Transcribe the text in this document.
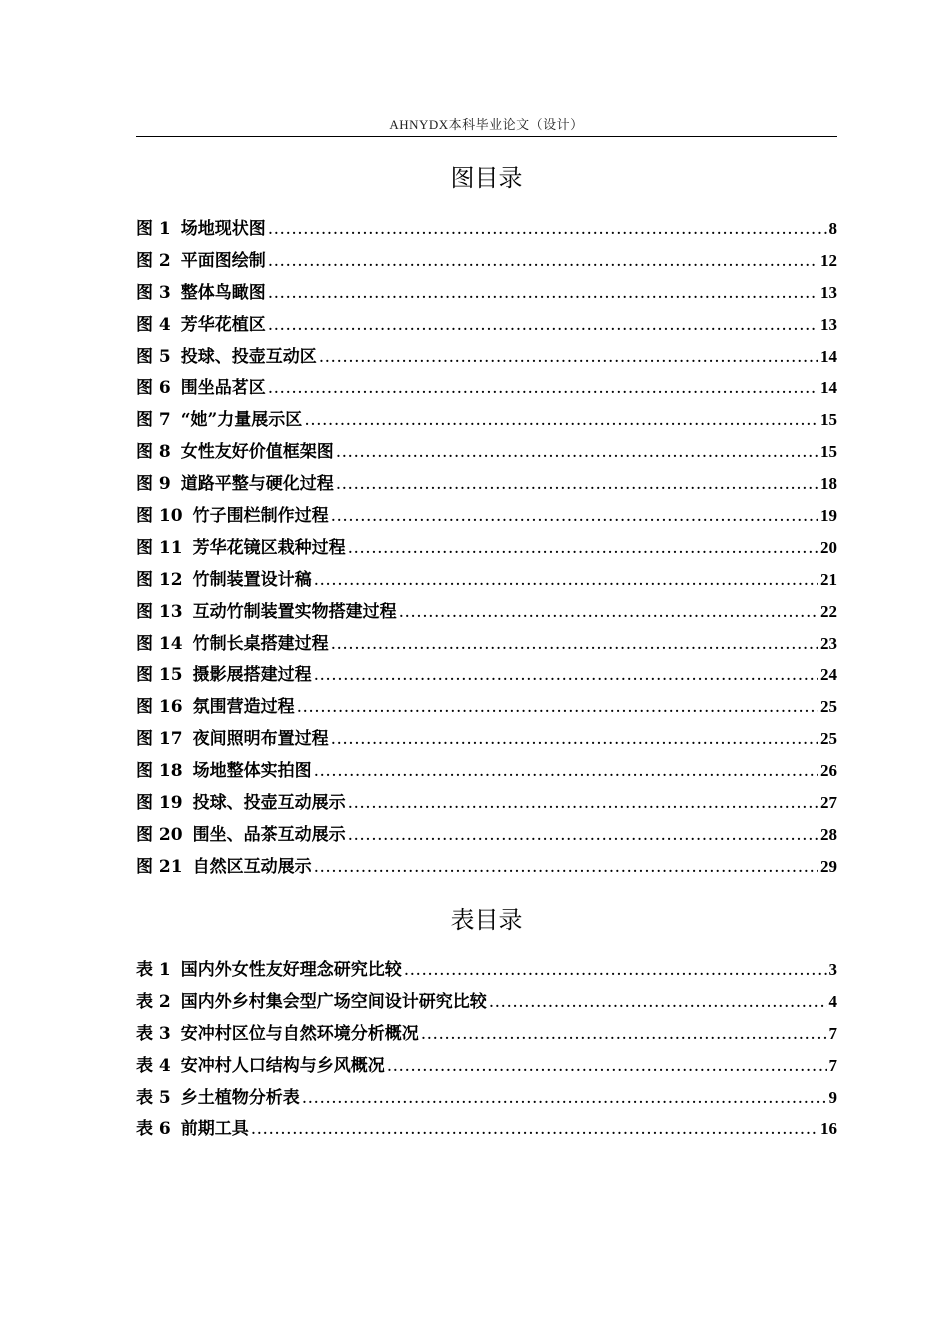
AHNYDX本科毕业论文（设计）
图目录
图 1 场地现状图 .....	8
图 2 平面图绘制 .....	12
图 3 整体鸟瞰图 .....	13
图 4 芳华花植区 .....	13
图 5 投球、投壶互动区 .....	14
图 6 围坐品茗区 .....	14
图 7 “她”力量展示区 .....	15
图 8 女性友好价值框架图 .....	15
图 9 道路平整与硬化过程 .....	18
图 10 竹子围栏制作过程 .....	19
图 11 芳华花镜区栽种过程 .....	20
图 12 竹制装置设计稿 .....	21
图 13 互动竹制装置实物搭建过程 .....	22
图 14 竹制长桌搭建过程 .....	23
图 15 摄影展搭建过程 .....	24
图 16 氛围营造过程 .....	25
图 17 夜间照明布置过程 .....	25
图 18 场地整体实拍图 .....	26
图 19 投球、投壶互动展示 .....	27
图 20 围坐、品茶互动展示 .....	28
图 21 自然区互动展示 .....	29
表目录
表 1 国内外女性友好理念研究比较 .....	3
表 2 国内外乡村集会型广场空间设计研究比较 .....	4
表 3 安冲村区位与自然环境分析概况 .....	7
表 4 安冲村人口结构与乡风概况 .....	7
表 5 乡土植物分析表 .....	9
表 6 前期工具 .....	16
